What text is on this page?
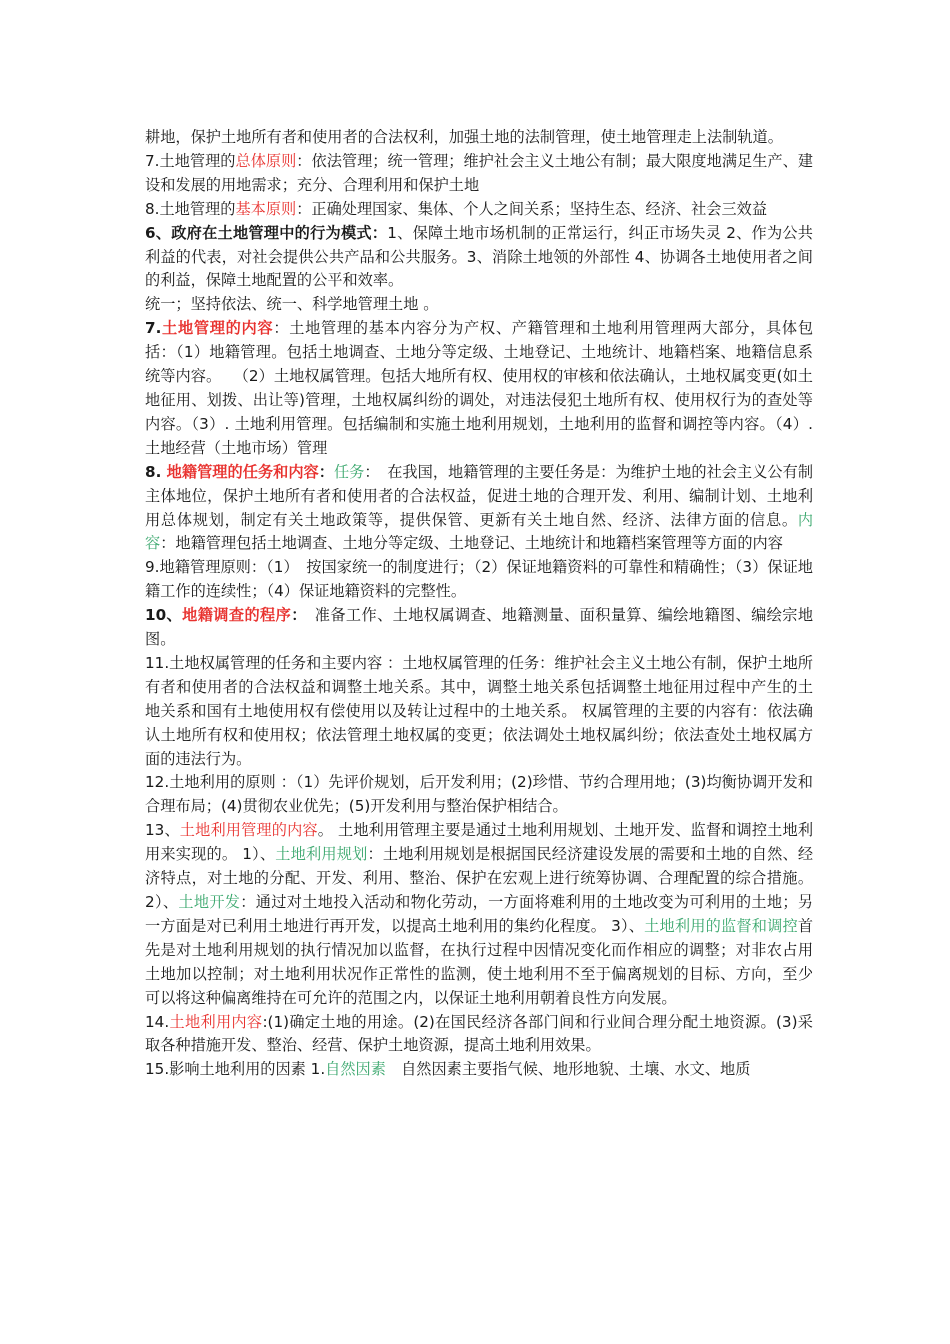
耕地，保护土地所有者和使用者的合法权利，加强土地的法制管理，使土地管理走上法制轨道。

7.土地管理的总体原则：依法管理；统一管理；维护社会主义土地公有制；最大限度地满足生产、建设和发展的用地需求；充分、合理利用和保护土地

8.土地管理的基本原则：正确处理国家、集体、个人之间关系；坚持生态、经济、社会三效益

6、政府在土地管理中的行为模式：1、保障土地市场机制的正常运行，纠正市场失灵 2、作为公共利益的代表，对社会提供公共产品和公共服务。3、消除土地领的外部性 4、协调各土地使用者之间的利益，保障土地配置的公平和效率。

统一；坚持依法、统一、科学地管理土地 。

7.土地管理的内容：土地管理的基本内容分为产权、产籍管理和土地利用管理两大部分，具体包括：（1）地籍管理。包括土地调查、土地分等定级、土地登记、土地统计、地籍档案、地籍信息系统等内容。　 （2）土地权属管理。包括大地所有权、使用权的审核和依法确认，土地权属变更(如土地征用、划拨、出让等)管理，土地权属纠纷的调处，对违法侵犯土地所有权、使用权行为的查处等内容。（3）. 土地利用管理。包括编制和实施土地利用规划，土地利用的监督和调控等内容。（4）.土地经营（土地市场）管理

8. 地籍管理的任务和内容：任务：　在我国，地籍管理的主要任务是：为维护土地的社会主义公有制主体地位，保护土地所有者和使用者的合法权益，促进土地的合理开发、利用、编制计划、土地利用总体规划，制定有关土地政策等，提供保管、更新有关土地自然、经济、法律方面的信息。内容：地籍管理包括土地调查、土地分等定级、土地登记、土地统计和地籍档案管理等方面的内容

9.地籍管理原则：（1）　按国家统一的制度进行；（2）保证地籍资料的可靠性和精确性；（3）保证地籍工作的连续性；（4）保证地籍资料的完整性。

10、地籍调查的程序：　准备工作、土地权属调查、地籍测量、面积量算、编绘地籍图、编绘宗地图。

11.土地权属管理的任务和主要内容 ：土地权属管理的任务：维护社会主义土地公有制，保护土地所有者和使用者的合法权益和调整土地关系。其中，调整土地关系包括调整土地征用过程中产生的土地关系和国有土地使用权有偿使用以及转让过程中的土地关系。 权属管理的主要的内容有：依法确认土地所有权和使用权；依法管理土地权属的变更；依法调处土地权属纠纷；依法查处土地权属方面的违法行为。

12.土地利用的原则 ：（1）先评价规划，后开发利用；(2)珍惜、节约合理用地；(3)均衡协调开发和合理布局；(4)贯彻农业优先；(5)开发利用与整治保护相结合。

13、土地利用管理的内容。 土地利用管理主要是通过土地利用规划、土地开发、监督和调控土地利用来实现的。 1）、土地利用规划：土地利用规划是根据国民经济建设发展的需要和土地的自然、经济特点，对土地的分配、开发、利用、整治、保护在宏观上进行统筹协调、合理配置的综合措施。 2）、土地开发：通过对土地投入活动和物化劳动，一方面将难利用的土地改变为可利用的土地；另一方面是对已利用土地进行再开发，以提高土地利用的集约化程度。 3）、土地利用的监督和调控首先是对土地利用规划的执行情况加以监督，在执行过程中因情况变化而作相应的调整；对非农占用土地加以控制；对土地利用状况作正常性的监测，使土地利用不至于偏离规划的目标、方向，至少可以将这种偏离维持在可允许的范围之内，以保证土地利用朝着良性方向发展。

14.土地利用内容:(1)确定土地的用途。(2)在国民经济各部门间和行业间合理分配土地资源。(3)采取各种措施开发、整治、经营、保护土地资源，提高土地利用效果。

15.影响土地利用的因素 1.自然因素　自然因素主要指气候、地形地貌、土壤、水文、地质
